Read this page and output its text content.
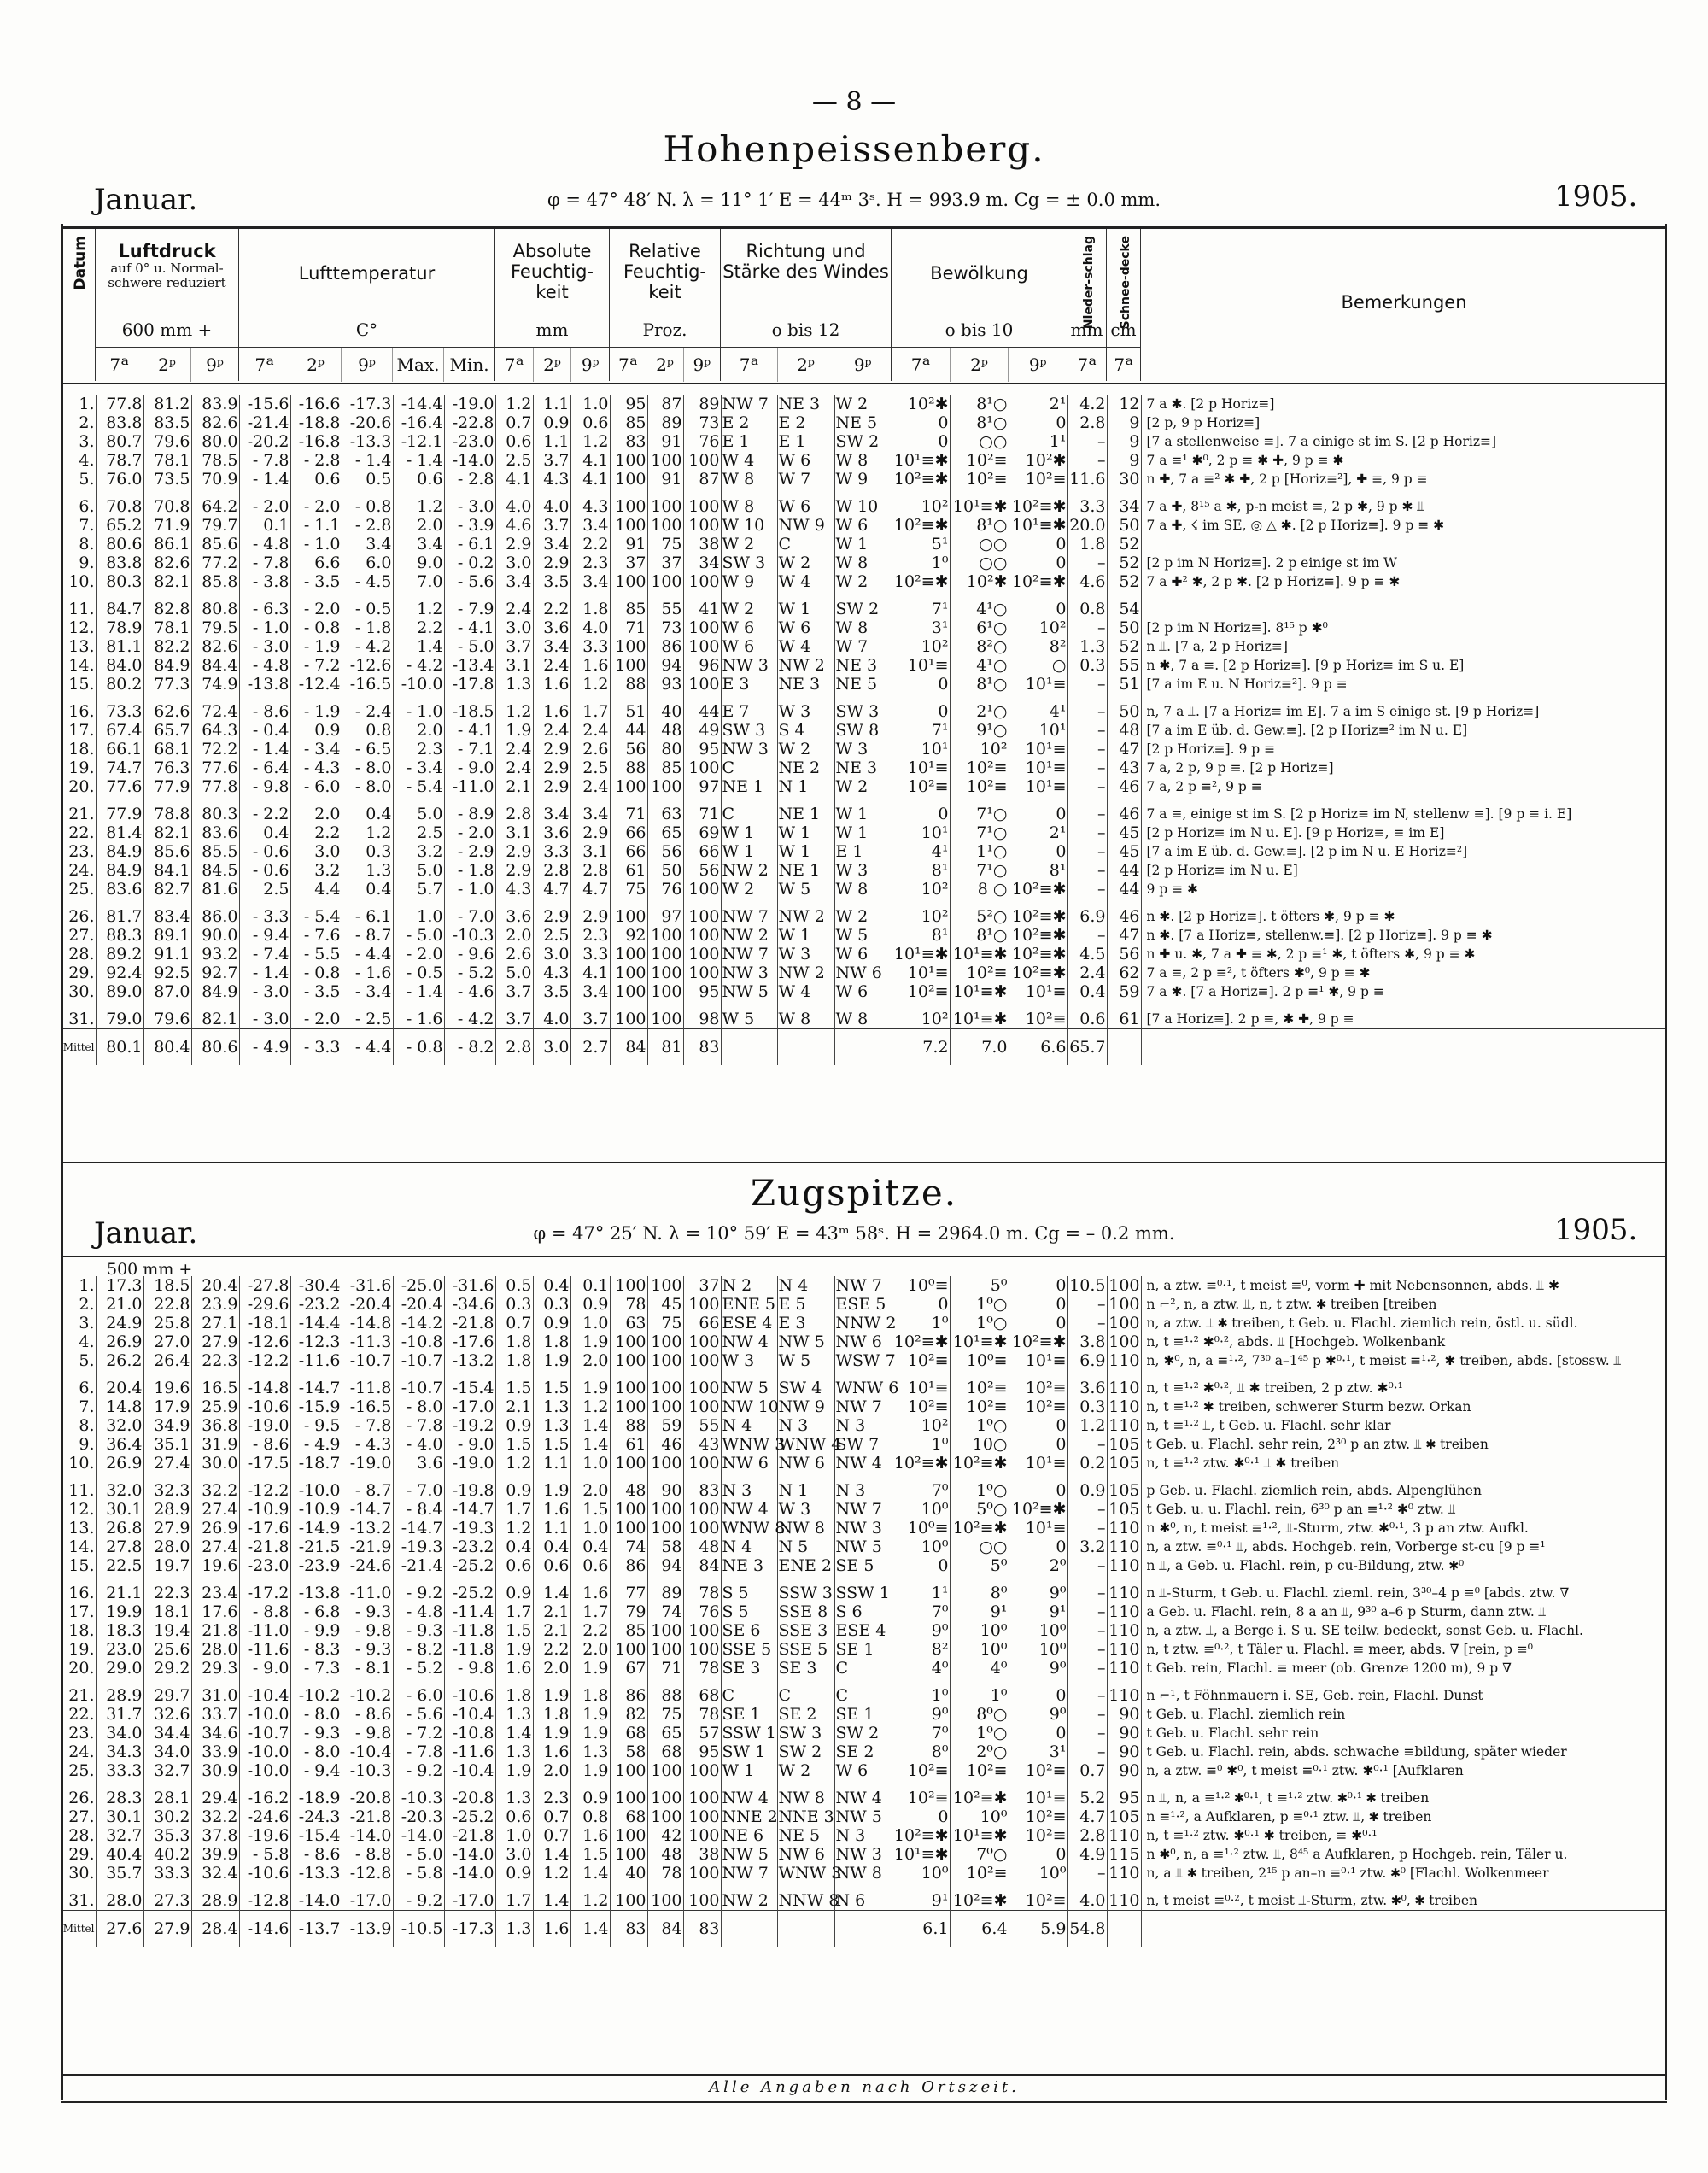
— 8 —
Hohenpeissenberg.
Januar.	φ = 47° 48′ N. λ = 11° 1′ E = 44ᵐ 3ˢ. H = 993.9 m. Cg = ± 0.0 mm.	1905.
Datum	Luftdruck
auf 0° u. Normal-schwere reduziert
600 mm +
7ª	2ᵖ	9ᵖ
Lufttemperatur
C°
7ª	2ᵖ	9ᵖ	Max. Min.
Absolute Feuchtig-keit
mm
7ª	2ᵖ	9ᵖ
Relative Feuchtig-keit
Proz.
7ª	2ᵖ	9ᵖ
Richtung und Stärke des Windes
o bis 12
7ª	2ᵖ	9ᵖ
Bewölkung
o bis 10
7ª	2ᵖ	9ᵖ
Nieder-schlag
mm
7ª
Schnee-decke
cm
7ª
Bemerkungen
1.	77.8	81.2	83.9	-15.6	-16.6	-17.3	-14.4	-19.0	1.2	1.1	1.0	95	87	89	NW 7	NE 3	W 2	10²✱	8¹○	2¹	4.2	12	7 a ✱. [2 p Horiz≡]
2.	83.8	83.5	82.6	-21.4	-18.8	-20.6	-16.4	-22.8	0.7	0.9	0.6	85	89	73	E 2	E 2	NE 5	0	8¹○	0	2.8	9	[2 p, 9 p Horiz≡]
3.	80.7	79.6	80.0	-20.2	-16.8	-13.3	-12.1	-23.0	0.6	1.1	1.2	83	91	76	E 1	E 1	SW 2	0	○○	1¹	–	9	[7 a stellenweise ≡]. 7 a einige st im S. [2 p Horiz≡]
4.	78.7	78.1	78.5	- 7.8	- 2.8	- 1.4	- 1.4	-14.0	2.5	3.7	4.1	100	100	100	W 4	W 6	W 8	10¹≡✱	10²≡	10²✱	–	9	7 a ≡¹ ✱⁰, 2 p ≡ ✱ ✚, 9 p ≡ ✱
5.	76.0	73.5	70.9	- 1.4	0.6	0.5	0.6	- 2.8	4.1	4.3	4.1	100	91	87	W 8	W 7	W 9	10²≡✱	10²≡	10²≡	11.6	30	n ✚, 7 a ≡² ✱ ✚, 2 p [Horiz≡²], ✚ ≡, 9 p ≡

6.	70.8	70.8	64.2	- 2.0	- 2.0	- 0.8	1.2	- 3.0	4.0	4.0	4.3	100	100	100	W 8	W 6	W 10	10²	10¹≡✱	10²≡✱	3.3	34	7 a ✚, 8¹⁵ a ✱, p-n meist ≡, 2 p ✱, 9 p ✱ ⫫
7.	65.2	71.9	79.7	0.1	- 1.1	- 2.8	2.0	- 3.9	4.6	3.7	3.4	100	100	100	W 10	NW 9	W 6	10²≡✱	8¹○	10¹≡✱	20.0	50	7 a ✚, ☇ im SE, ◎ △ ✱. [2 p Horiz≡]. 9 p ≡ ✱
8.	80.6	86.1	85.6	- 4.8	- 1.0	3.4	3.4	- 6.1	2.9	3.4	2.2	91	75	38	W 2	C	W 1	5¹	○○	0	1.8	52	
9.	83.8	82.6	77.2	- 7.8	6.6	6.0	9.0	- 0.2	3.0	2.9	2.3	37	37	34	SW 3	W 2	W 8	1⁰	○○	0	–	52	[2 p im N Horiz≡]. 2 p einige st im W
10.	80.3	82.1	85.8	- 3.8	- 3.5	- 4.5	7.0	- 5.6	3.4	3.5	3.4	100	100	100	W 9	W 4	W 2	10²≡✱	10²✱	10²≡✱	4.6	52	7 a ✚² ✱, 2 p ✱. [2 p Horiz≡]. 9 p ≡ ✱

11.	84.7	82.8	80.8	- 6.3	- 2.0	- 0.5	1.2	- 7.9	2.4	2.2	1.8	85	55	41	W 2	W 1	SW 2	7¹	4¹○	0	0.8	54	
12.	78.9	78.1	79.5	- 1.0	- 0.8	- 1.8	2.2	- 4.1	3.0	3.6	4.0	71	73	100	W 6	W 6	W 8	3¹	6¹○	10²	–	50	[2 p im N Horiz≡]. 8¹⁵ p ✱⁰
13.	81.1	82.2	82.6	- 3.0	- 1.9	- 4.2	1.4	- 5.0	3.7	3.4	3.3	100	86	100	W 6	W 4	W 7	10²	8²○	8²	1.3	52	n ⫫. [7 a, 2 p Horiz≡]
14.	84.0	84.9	84.4	- 4.8	- 7.2	-12.6	- 4.2	-13.4	3.1	2.4	1.6	100	94	96	NW 3	NW 2	NE 3	10¹≡	4¹○	○	0.3	55	n ✱, 7 a ≡. [2 p Horiz≡]. [9 p Horiz≡ im S u. E]
15.	80.2	77.3	74.9	-13.8	-12.4	-16.5	-10.0	-17.8	1.3	1.6	1.2	88	93	100	E 3	NE 3	NE 5	0	8¹○	10¹≡	–	51	[7 a im E u. N Horiz≡²]. 9 p ≡

16.	73.3	62.6	72.4	- 8.6	- 1.9	- 2.4	- 1.0	-18.5	1.2	1.6	1.7	51	40	44	E 7	W 3	SW 3	0	2¹○	4¹	–	50	n, 7 a ⫫. [7 a Horiz≡ im E]. 7 a im S einige st. [9 p Horiz≡]
17.	67.4	65.7	64.3	- 0.4	0.9	0.8	2.0	- 4.1	1.9	2.4	2.4	44	48	49	SW 3	S 4	SW 8	7¹	9¹○	10¹	–	48	[7 a im E üb. d. Gew.≡]. [2 p Horiz≡² im N u. E]
18.	66.1	68.1	72.2	- 1.4	- 3.4	- 6.5	2.3	- 7.1	2.4	2.9	2.6	56	80	95	NW 3	W 2	W 3	10¹	10²	10¹≡	–	47	[2 p Horiz≡]. 9 p ≡
19.	74.7	76.3	77.6	- 6.4	- 4.3	- 8.0	- 3.4	- 9.0	2.4	2.9	2.5	88	85	100	C	NE 2	NE 3	10¹≡	10²≡	10¹≡	–	43	7 a, 2 p, 9 p ≡. [2 p Horiz≡]
20.	77.6	77.9	77.8	- 9.8	- 6.0	- 8.0	- 5.4	-11.0	2.1	2.9	2.4	100	100	97	NE 1	N 1	W 2	10²≡	10²≡	10¹≡	–	46	7 a, 2 p ≡², 9 p ≡

21.	77.9	78.8	80.3	- 2.2	2.0	0.4	5.0	- 8.9	2.8	3.4	3.4	71	63	71	C	NE 1	W 1	0	7¹○	0	–	46	7 a ≡, einige st im S. [2 p Horiz≡ im N, stellenw ≡]. [9 p ≡ i. E]
22.	81.4	82.1	83.6	0.4	2.2	1.2	2.5	- 2.0	3.1	3.6	2.9	66	65	69	W 1	W 1	W 1	10¹	7¹○	2¹	–	45	[2 p Horiz≡ im N u. E]. [9 p Horiz≡, ≡ im E]
23.	84.9	85.6	85.5	- 0.6	3.0	0.3	3.2	- 2.9	2.9	3.3	3.1	66	56	66	W 1	W 1	E 1	4¹	1¹○	0	–	45	[7 a im E üb. d. Gew.≡]. [2 p im N u. E Horiz≡²]
24.	84.9	84.1	84.5	- 0.6	3.2	1.3	5.0	- 1.8	2.9	2.8	2.8	61	50	56	NW 2	NE 1	W 3	8¹	7¹○	8¹	–	44	[2 p Horiz≡ im N u. E]
25.	83.6	82.7	81.6	2.5	4.4	0.4	5.7	- 1.0	4.3	4.7	4.7	75	76	100	W 2	W 5	W 8	10²	8 ○	10²≡✱	–	44	9 p ≡ ✱

26.	81.7	83.4	86.0	- 3.3	- 5.4	- 6.1	1.0	- 7.0	3.6	2.9	2.9	100	97	100	NW 7	NW 2	W 2	10²	5²○	10²≡✱	6.9	46	n ✱. [2 p Horiz≡]. t öfters ✱, 9 p ≡ ✱
27.	88.3	89.1	90.0	- 9.4	- 7.6	- 8.7	- 5.0	-10.3	2.0	2.5	2.3	92	100	100	NW 2	W 1	W 5	8¹	8¹○	10²≡✱	–	47	n ✱. [7 a Horiz≡, stellenw.≡]. [2 p Horiz≡]. 9 p ≡ ✱
28.	89.2	91.1	93.2	- 7.4	- 5.5	- 4.4	- 2.0	- 9.6	2.6	3.0	3.3	100	100	100	NW 7	W 3	W 6	10¹≡✱	10¹≡✱	10²≡✱	4.5	56	n ✚ u. ✱, 7 a ✚ ≡ ✱, 2 p ≡¹ ✱, t öfters ✱, 9 p ≡ ✱
29.	92.4	92.5	92.7	- 1.4	- 0.8	- 1.6	- 0.5	- 5.2	5.0	4.3	4.1	100	100	100	NW 3	NW 2	NW 6	10¹≡	10²≡	10²≡✱	2.4	62	7 a ≡, 2 p ≡², t öfters ✱⁰, 9 p ≡ ✱
30.	89.0	87.0	84.9	- 3.0	- 3.5	- 3.4	- 1.4	- 4.6	3.7	3.5	3.4	100	100	95	NW 5	W 4	W 6	10²≡	10¹≡✱	10¹≡	0.4	59	7 a ✱. [7 a Horiz≡]. 2 p ≡¹ ✱, 9 p ≡

31.	79.0	79.6	82.1	- 3.0	- 2.0	- 2.5	- 1.6	- 4.2	3.7	4.0	3.7	100	100	98	W 5	W 8	W 8	10²	10¹≡✱	10²≡	0.6	61	[7 a Horiz≡]. 2 p ≡, ✱ ✚, 9 p ≡
Mittel	80.1	80.4	80.6	- 4.9	- 3.3	- 4.4	- 0.8	- 8.2	2.8	3.0	2.7	84	81	83				7.2	7.0	6.6	65.7		
Zugspitze.
Januar.	φ = 47° 25′ N. λ = 10° 59′ E = 43ᵐ 58ˢ. H = 2964.0 m. Cg = – 0.2 mm.	1905.
500 mm +
1.	17.3	18.5	20.4	-27.8	-30.4	-31.6	-25.0	-31.6	0.5	0.4	0.1	100	100	37	N 2	N 4	NW 7	10⁰≡	5⁰	0	10.5	100	n, a ztw. ≡⁰·¹, t meist ≡⁰, vorm ✚ mit Nebensonnen, abds. ⫫ ✱
2.	21.0	22.8	23.9	-29.6	-23.2	-20.4	-20.4	-34.6	0.3	0.3	0.9	78	45	100	ENE 5	E 5	ESE 5	0	1⁰○	0	–	100	n ⌐², n, a ztw. ⫫, n, t ztw. ✱ treiben [treiben
3.	24.9	25.8	27.1	-18.1	-14.4	-14.8	-14.2	-21.8	0.7	0.9	1.0	63	75	66	ESE 4	E 3	NNW 2	1⁰	1⁰○	0	–	100	n, a ztw. ⫫ ✱ treiben, t Geb. u. Flachl. ziemlich rein, östl. u. südl.
4.	26.9	27.0	27.9	-12.6	-12.3	-11.3	-10.8	-17.6	1.8	1.8	1.9	100	100	100	NW 4	NW 5	NW 6	10²≡✱	10¹≡✱	10²≡✱	3.8	100	n, t ≡¹·² ✱⁰·², abds. ⫫ [Hochgeb. Wolkenbank
5.	26.2	26.4	22.3	-12.2	-11.6	-10.7	-10.7	-13.2	1.8	1.9	2.0	100	100	100	W 3	W 5	WSW 7	10²≡	10⁰≡	10¹≡	6.9	110	n, ✱⁰, n, a ≡¹·², 7³⁰ a–1⁴⁵ p ✱⁰·¹, t meist ≡¹·², ✱ treiben, abds. [stossw. ⫫

6.	20.4	19.6	16.5	-14.8	-14.7	-11.8	-10.7	-15.4	1.5	1.5	1.9	100	100	100	NW 5	SW 4	WNW 6	10¹≡	10²≡	10²≡	3.6	110	n, t ≡¹·² ✱⁰·², ⫫ ✱ treiben, 2 p ztw. ✱⁰·¹
7.	14.8	17.9	25.9	-10.6	-15.9	-16.5	- 8.0	-17.0	2.1	1.3	1.2	100	100	100	NW 10	NW 9	NW 7	10²≡	10²≡	10²≡	0.3	110	n, t ≡¹·² ✱ treiben, schwerer Sturm bezw. Orkan
8.	32.0	34.9	36.8	-19.0	- 9.5	- 7.8	- 7.8	-19.2	0.9	1.3	1.4	88	59	55	N 4	N 3	N 3	10²	1⁰○	0	1.2	110	n, t ≡¹·² ⫫, t Geb. u. Flachl. sehr klar
9.	36.4	35.1	31.9	- 8.6	- 4.9	- 4.3	- 4.0	- 9.0	1.5	1.5	1.4	61	46	43	WNW 3	WNW 4	SW 7	1⁰	10○	0	–	105	t Geb. u. Flachl. sehr rein, 2³⁰ p an ztw. ⫫ ✱ treiben
10.	26.9	27.4	30.0	-17.5	-18.7	-19.0	3.6	-19.0	1.2	1.1	1.0	100	100	100	NW 6	NW 6	NW 4	10²≡✱	10²≡✱	10¹≡	0.2	105	n, t ≡¹·² ztw. ✱⁰·¹ ⫫ ✱ treiben

11.	32.0	32.3	32.2	-12.2	-10.0	- 8.7	- 7.0	-19.8	0.9	1.9	2.0	48	90	83	N 3	N 1	N 3	7⁰	1⁰○	0	0.9	105	p Geb. u. Flachl. ziemlich rein, abds. Alpenglühen
12.	30.1	28.9	27.4	-10.9	-10.9	-14.7	- 8.4	-14.7	1.7	1.6	1.5	100	100	100	NW 4	W 3	NW 7	10⁰	5⁰○	10²≡✱	–	105	t Geb. u. u. Flachl. rein, 6³⁰ p an ≡¹·² ✱⁰ ztw. ⫫
13.	26.8	27.9	26.9	-17.6	-14.9	-13.2	-14.7	-19.3	1.2	1.1	1.0	100	100	100	WNW 8	NW 8	NW 3	10⁰≡	10²≡✱	10¹≡	–	110	n ✱⁰, n, t meist ≡¹·², ⫫-Sturm, ztw. ✱⁰·¹, 3 p an ztw. Aufkl.
14.	27.8	28.0	27.4	-21.8	-21.5	-21.9	-19.3	-23.2	0.4	0.4	0.4	74	58	48	N 4	N 5	NW 5	10⁰	○○	0	3.2	110	n, a ztw. ≡⁰·¹ ⫫, abds. Hochgeb. rein, Vorberge st-cu [9 p ≡¹
15.	22.5	19.7	19.6	-23.0	-23.9	-24.6	-21.4	-25.2	0.6	0.6	0.6	86	94	84	NE 3	ENE 2	SE 5	0	5⁰	2⁰	–	110	n ⫫, a Geb. u. Flachl. rein, p cu-Bildung, ztw. ✱⁰

16.	21.1	22.3	23.4	-17.2	-13.8	-11.0	- 9.2	-25.2	0.9	1.4	1.6	77	89	78	S 5	SSW 3	SSW 1	1¹	8⁰	9⁰	–	110	n ⫫-Sturm, t Geb. u. Flachl. zieml. rein, 3³⁰–4 p ≡⁰ [abds. ztw. ∇
17.	19.9	18.1	17.6	- 8.8	- 6.8	- 9.3	- 4.8	-11.4	1.7	2.1	1.7	79	74	76	S 5	SSE 8	S 6	7⁰	9¹	9¹	–	110	a Geb. u. Flachl. rein, 8 a an ⫫, 9³⁰ a–6 p Sturm, dann ztw. ⫫
18.	18.3	19.4	21.8	-11.0	- 9.9	- 9.8	- 9.3	-11.8	1.5	2.1	2.2	85	100	100	SE 6	SSE 3	ESE 4	9⁰	10⁰	10⁰	–	110	n, a ztw. ⫫, a Berge i. S u. SE teilw. bedeckt, sonst Geb. u. Flachl.
19.	23.0	25.6	28.0	-11.6	- 8.3	- 9.3	- 8.2	-11.8	1.9	2.2	2.0	100	100	100	SSE 5	SSE 5	SE 1	8²	10⁰	10⁰	–	110	n, t ztw. ≡⁰·², t Täler u. Flachl. ≡ meer, abds. ∇ [rein, p ≡⁰
20.	29.0	29.2	29.3	- 9.0	- 7.3	- 8.1	- 5.2	- 9.8	1.6	2.0	1.9	67	71	78	SE 3	SE 3	C	4⁰	4⁰	9⁰	–	110	t Geb. rein, Flachl. ≡ meer (ob. Grenze 1200 m), 9 p ∇

21.	28.9	29.7	31.0	-10.4	-10.2	-10.2	- 6.0	-10.6	1.8	1.9	1.8	86	88	68	C	C	C	1⁰	1⁰	0	–	110	n ⌐¹, t Föhnmauern i. SE, Geb. rein, Flachl. Dunst
22.	31.7	32.6	33.7	-10.0	- 8.0	- 8.6	- 5.6	-10.4	1.3	1.8	1.9	82	75	78	SE 1	SE 2	SE 1	9⁰	8⁰○	9⁰	–	90	t Geb. u. Flachl. ziemlich rein
23.	34.0	34.4	34.6	-10.7	- 9.3	- 9.8	- 7.2	-10.8	1.4	1.9	1.9	68	65	57	SSW 1	SW 3	SW 2	7⁰	1⁰○	0	–	90	t Geb. u. Flachl. sehr rein
24.	34.3	34.0	33.9	-10.0	- 8.0	-10.4	- 7.8	-11.6	1.3	1.6	1.3	58	68	95	SW 1	SW 2	SE 2	8⁰	2⁰○	3¹	–	90	t Geb. u. Flachl. rein, abds. schwache ≡bildung, später wieder
25.	33.3	32.7	30.9	-10.0	- 9.4	-10.3	- 9.2	-10.4	1.9	2.0	1.9	100	100	100	W 1	W 2	W 6	10²≡	10²≡	10²≡	0.7	90	n, a ztw. ≡⁰ ✱⁰, t meist ≡⁰·¹ ztw. ✱⁰·¹ [Aufklaren

26.	28.3	28.1	29.4	-16.2	-18.9	-20.8	-10.3	-20.8	1.3	2.3	0.9	100	100	100	NW 4	NW 8	NW 4	10²≡	10²≡✱	10¹≡	5.2	95	n ⫫, n, a ≡¹·² ✱⁰·¹, t ≡¹·² ztw. ✱⁰·¹ ✱ treiben
27.	30.1	30.2	32.2	-24.6	-24.3	-21.8	-20.3	-25.2	0.6	0.7	0.8	68	100	100	NNE 2	NNE 3	NW 5	0	10⁰	10²≡	4.7	105	n ≡¹·², a Aufklaren, p ≡⁰·¹ ztw. ⫫, ✱ treiben
28.	32.7	35.3	37.8	-19.6	-15.4	-14.0	-14.0	-21.8	1.0	0.7	1.6	100	42	100	NE 6	NE 5	N 3	10²≡✱	10¹≡✱	10²≡	2.8	110	n, t ≡¹·² ztw. ✱⁰·¹ ✱ treiben, ≡ ✱⁰·¹
29.	40.4	40.2	39.9	- 5.8	- 8.6	- 8.8	- 5.0	-14.0	3.0	1.4	1.5	100	48	38	NW 5	NW 6	NW 3	10¹≡✱	7⁰○	0	4.9	115	n ✱⁰, n, a ≡¹·² ztw. ⫫, 8⁴⁵ a Aufklaren, p Hochgeb. rein, Täler u.
30.	35.7	33.3	32.4	-10.6	-13.3	-12.8	- 5.8	-14.0	0.9	1.2	1.4	40	78	100	NW 7	WNW 3	NW 8	10⁰	10²≡	10⁰	–	110	n, a ⫫ ✱ treiben, 2¹⁵ p an–n ≡⁰·¹ ztw. ✱⁰ [Flachl. Wolkenmeer

31.	28.0	27.3	28.9	-12.8	-14.0	-17.0	- 9.2	-17.0	1.7	1.4	1.2	100	100	100	NW 2	NNW 8	N 6	9¹	10²≡✱	10²≡	4.0	110	n, t meist ≡⁰·², t meist ⫫-Sturm, ztw. ✱⁰, ✱ treiben
Mittel	27.6	27.9	28.4	-14.6	-13.7	-13.9	-10.5	-17.3	1.3	1.6	1.4	83	84	83				6.1	6.4	5.9	54.8		
Alle Angaben nach Ortszeit.
